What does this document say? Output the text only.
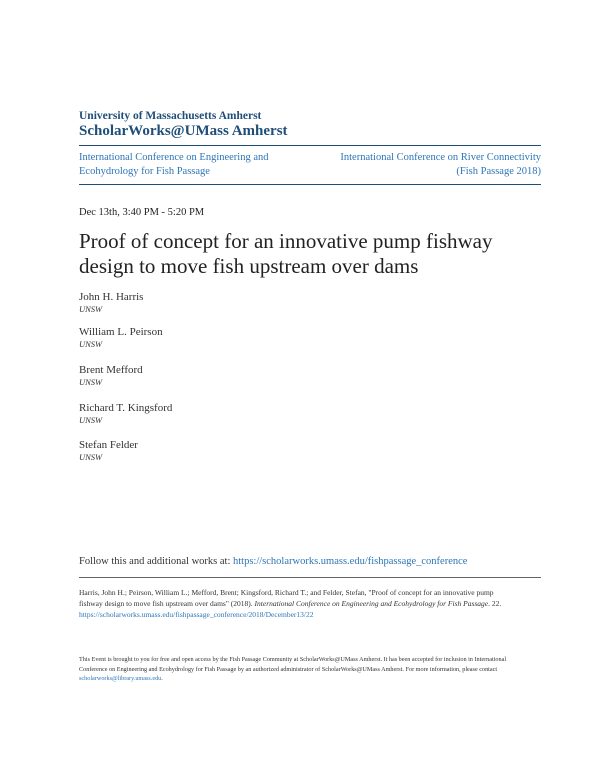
University of Massachusetts Amherst
ScholarWorks@UMass Amherst
International Conference on Engineering and
Ecohydrology for Fish Passage
International Conference on River Connectivity
(Fish Passage 2018)
Dec 13th, 3:40 PM - 5:20 PM
Proof of concept for an innovative pump fishway
design to move fish upstream over dams
John H. Harris
UNSW
William L. Peirson
UNSW
Brent Mefford
UNSW
Richard T. Kingsford
UNSW
Stefan Felder
UNSW
Follow this and additional works at: https://scholarworks.umass.edu/fishpassage_conference
Harris, John H.; Peirson, William L.; Mefford, Brent; Kingsford, Richard T.; and Felder, Stefan, "Proof of concept for an innovative pump fishway design to move fish upstream over dams" (2018). International Conference on Engineering and Ecohydrology for Fish Passage. 22.
https://scholarworks.umass.edu/fishpassage_conference/2018/December13/22
This Event is brought to you for free and open access by the Fish Passage Community at ScholarWorks@UMass Amherst. It has been accepted for inclusion in International Conference on Engineering and Ecohydrology for Fish Passage by an authorized administrator of ScholarWorks@UMass Amherst. For more information, please contact scholarworks@library.umass.edu.
